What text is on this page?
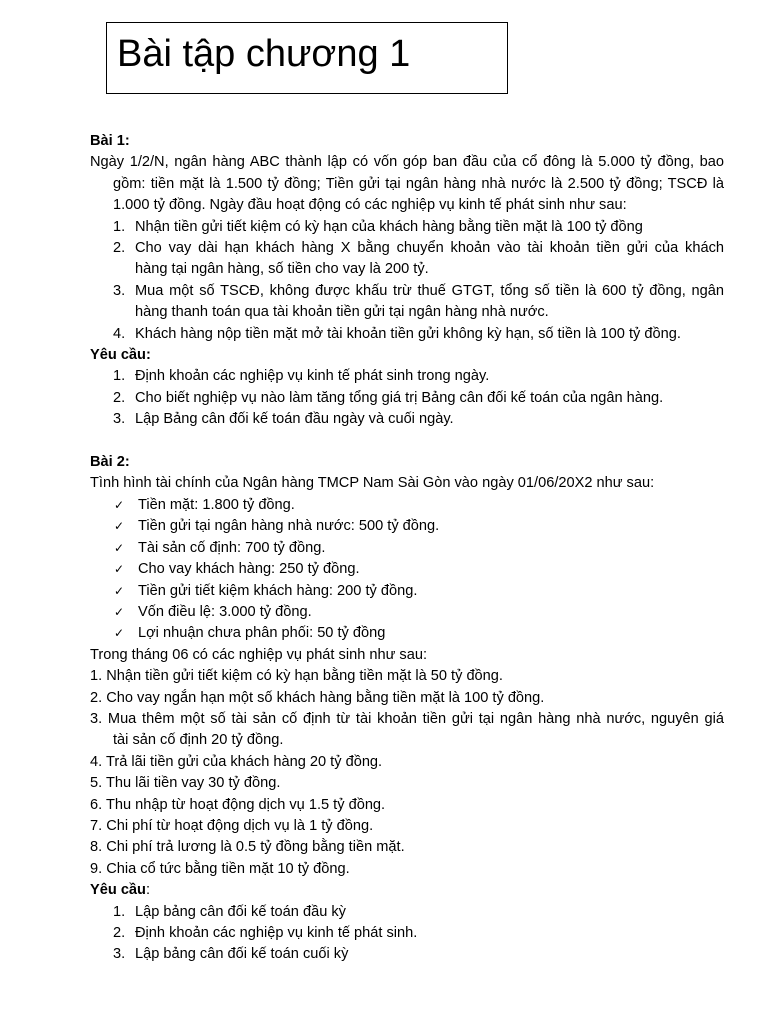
Bài tập chương 1
Bài 1:
Ngày 1/2/N, ngân hàng ABC thành lập có vốn góp ban đầu của cổ đông là 5.000 tỷ đồng, bao
gồm: tiền mặt là 1.500 tỷ đồng; Tiền gửi tại ngân hàng nhà nước là 2.500 tỷ đồng; TSCĐ là
1.000 tỷ đồng. Ngày đầu hoạt động có các nghiệp vụ kinh tế phát sinh như sau:
1. Nhận tiền gửi tiết kiệm có kỳ hạn của khách hàng bằng tiền mặt là 100 tỷ đồng
2. Cho vay dài hạn khách hàng X bằng chuyển khoản vào tài khoản tiền gửi của khách
hàng tại ngân hàng, số tiền cho vay là 200 tỷ.
3. Mua một số TSCĐ, không được khấu trừ thuế GTGT, tổng số tiền là 600 tỷ đồng, ngân
hàng thanh toán qua tài khoản tiền gửi tại ngân hàng nhà nước.
4. Khách hàng nộp tiền mặt mở tài khoản tiền gửi không kỳ hạn, số tiền là 100 tỷ đồng.
Yêu cầu:
1. Định khoản các nghiệp vụ kinh tế phát sinh trong ngày.
2. Cho biết nghiệp vụ nào làm tăng tổng giá trị Bảng cân đối kế toán của ngân hàng.
3. Lập Bảng cân đối kế toán đầu ngày và cuối ngày.
Bài 2:
Tình hình tài chính của Ngân hàng TMCP Nam Sài Gòn vào ngày 01/06/20X2 như sau:
✓ Tiền mặt: 1.800 tỷ đồng.
✓ Tiền gửi tại ngân hàng nhà nước: 500 tỷ đồng.
✓ Tài sản cố định: 700 tỷ đồng.
✓ Cho vay khách hàng: 250 tỷ đồng.
✓ Tiền gửi tiết kiệm khách hàng: 200 tỷ đồng.
✓ Vốn điều lệ: 3.000 tỷ đồng.
✓ Lợi nhuận chưa phân phối: 50 tỷ đồng
Trong tháng 06 có các nghiệp vụ phát sinh như sau:
1. Nhận tiền gửi tiết kiệm có kỳ hạn bằng tiền mặt là 50 tỷ đồng.
2. Cho vay ngắn hạn một số khách hàng bằng tiền mặt là 100 tỷ đồng.
3. Mua thêm một số tài sản cố định từ tài khoản tiền gửi tại ngân hàng nhà nước, nguyên giá
tài sản cố định 20 tỷ đồng.
4. Trả lãi tiền gửi của khách hàng 20 tỷ đồng.
5. Thu lãi tiền vay 30 tỷ đồng.
6. Thu nhập từ hoạt động dịch vụ 1.5 tỷ đồng.
7. Chi phí từ hoạt động dịch vụ là 1 tỷ đồng.
8. Chi phí trả lương là 0.5 tỷ đồng bằng tiền mặt.
9. Chia cổ tức bằng tiền mặt 10 tỷ đồng.
Yêu cầu:
1. Lập bảng cân đối kế toán đầu kỳ
2. Định khoản các nghiệp vụ kinh tế phát sinh.
3. Lập bảng cân đối kế toán cuối kỳ
